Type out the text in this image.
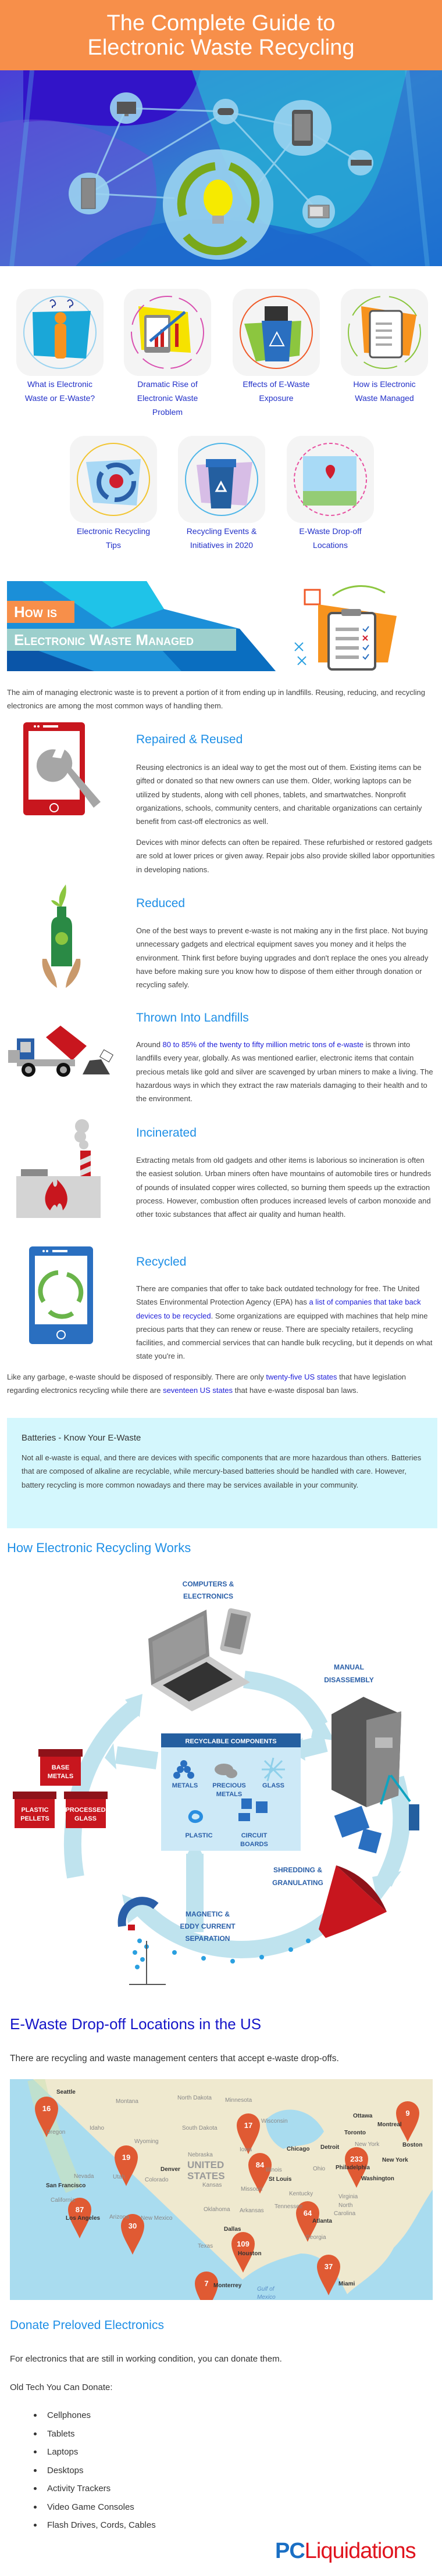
The Complete Guide to
Electronic Waste Recycling
What is Electronic
Waste or E-Waste?
Dramatic Rise of
Electronic Waste
Problem
Effects of E-Waste
Exposure
How is Electronic
Waste Managed
Electronic Recycling
Tips
Recycling Events &
Initiatives in 2020
E-Waste Drop-off
Locations
How is
Electronic Waste Managed

The aim of managing electronic waste is to prevent a portion of it from ending up in landfills. Reusing, reducing, and recycling electronics are among the most common ways of handling them.

Repaired & Reused

Reusing electronics is an ideal way to get the most out of them. Existing items can be gifted or donated so that new owners can use them. Older, working laptops can be utilized by students, along with cell phones, tablets, and smartwatches. Nonprofit organizations, schools, community centers, and charitable organizations can certainly benefit from cast-off electronics as well.

Devices with minor defects can often be repaired. These refurbished or restored gadgets are sold at lower prices or given away. Repair jobs also provide skilled labor opportunities in developing nations.

Reduced

One of the best ways to prevent e-waste is not making any in the first place. Not buying unnecessary gadgets and electrical equipment saves you money and it helps the environment. Think first before buying upgrades and don't replace the ones you already have before making sure you know how to dispose of them either through donation or recycling safely.

Thrown Into Landfills

Around 80 to 85% of the twenty to fifty million metric tons of e-waste is thrown into landfills every year, globally. As was mentioned earlier, electronic items that contain precious metals like gold and silver are scavenged by urban miners to make a living. The hazardous ways in which they extract the raw materials damaging to their health and to the environment.

Incinerated

Extracting metals from old gadgets and other items is laborious so incineration is often the easiest solution. Urban miners often have mountains of automobile tires or hundreds of pounds of insulated copper wires collected, so burning them speeds up the extraction process. However, combustion often produces increased levels of carbon monoxide and other toxic substances that affect air quality and human health.

Recycled

There are companies that offer to take back outdated technology for free. The United States Environmental Protection Agency (EPA) has a list of companies that take back devices to be recycled. Some organizations are equipped with machines that help mine precious parts that they can renew or reuse. There are specialty retailers, recycling facilities, and commercial services that can handle bulk recycling, but it depends on what state you're in.

Like any garbage, e-waste should be disposed of responsibly. There are only twenty-five US states that have legislation regarding electronics recycling while there are seventeen US states that have e-waste disposal ban laws.

Batteries - Know Your E-Waste

Not all e-waste is equal, and there are devices with specific components that are more hazardous than others. Batteries that are composed of alkaline are recyclable, while mercury-based batteries should be handled with care. However, battery recycling is more common nowadays and there may be services available in your community.

How Electronic Recycling Works
COMPUTERS &
ELECTRONICS
MANUAL
DISASSEMBLY
SHREDDING &
GRANULATING
MAGNETIC &
EDDY CURRENT
SEPARATION
RECYCLABLE COMPONENTS
METALS PRECIOUS
METALS
GLASS
PLASTIC	CIRCUIT
BOARDS
BASE
METALS
PLASTIC
PELLETS
PROCESSED
GLASS
E-Waste Drop-off Locations in the US

There are recycling and waste management centers that accept e-waste drop-offs.

16
17
9
19
84
233
87
30
64
109
37
7
Seattle
Oregon
Montana
Idaho
North Dakota Minnesota
Wisconsin
South Dakota
Wyoming
Iowa
Nebraska
UNITED
STATES
Denver
Colorado
Kansas
Nevada	Utah
San Francisco
California
Los Angeles Arizona New Mexico
Oklahoma Arkansas
Texas
Dallas
Houston
Missouri
Illinois
St Louis
Chicago Detroit
Ohio
Kentucky
Tennessee
Atlanta
Georgia
North
Carolina
Virginia
Washington
Philadelphia
New York
New York
Boston
Toronto
Ottawa
Montreal
Miami
Monterrey
Gulf of
Mexico
Donate Preloved Electronics

For electronics that are still in working condition, you can donate them.

Old Tech You Can Donate:

Cellphones
Tablets
Laptops
Desktops
Activity Trackers
Video Game Consoles
Flash Drives, Cords, Cables
PCLiquidations
